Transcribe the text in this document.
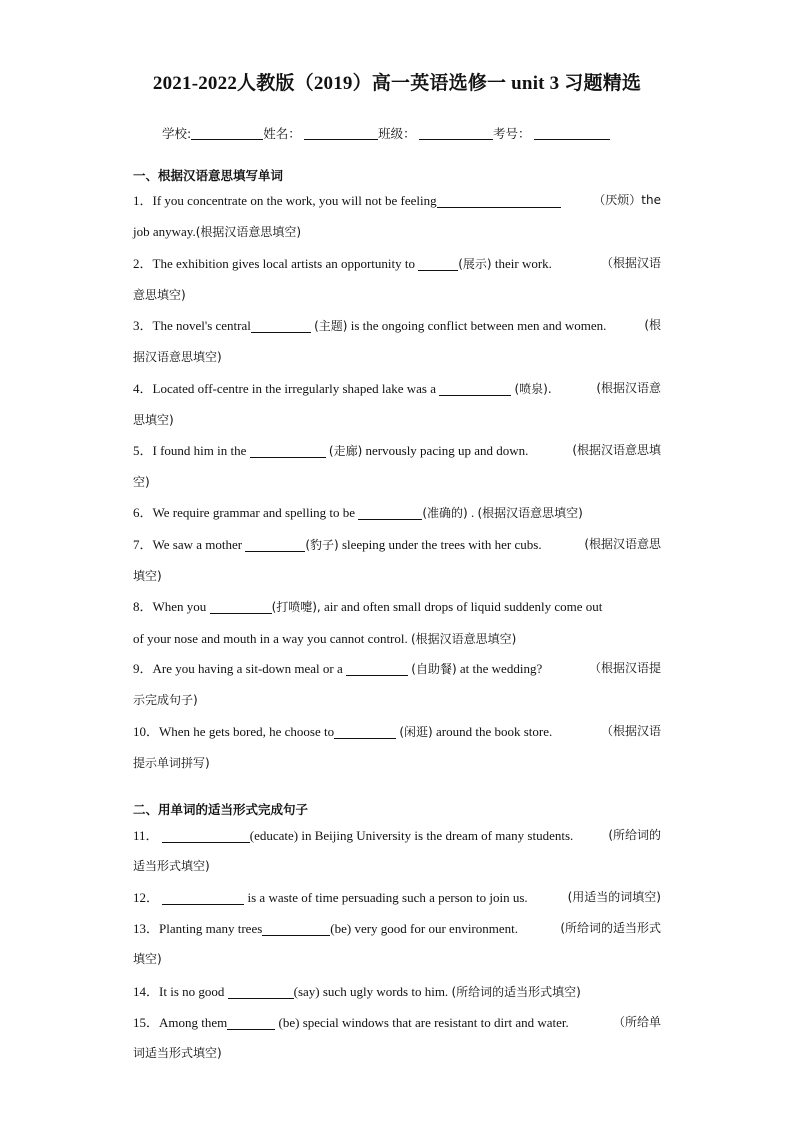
2021-2022人教版（2019）高一英语选修一 unit 3 习题精选
学校:	姓名：	班级：	考号：
一、根据汉语意思填写单词
1．If you concentrate on the work, you will not be feeling	（厌烦）the
job anyway.(根据汉语意思填空)
2．The exhibition gives local artists an opportunity to	(展示) their work.	（根据汉语
意思填空)
3．The novel's central	(主题) is the ongoing conflict between men and women.	(根
据汉语意思填空)
4．Located off-centre in the irregularly shaped lake was a	(喷泉).	(根据汉语意
思填空)
5．I found him in the	(走廊) nervously pacing up and down.	(根据汉语意思填
空)
6．We require grammar and spelling to be	(准确的) . (根据汉语意思填空)
7．We saw a mother	(豹子) sleeping under the trees with her cubs.	(根据汉语意思
填空)
8．When you	(打喷嚏), air and often small drops of liquid suddenly come out
of your nose and mouth in a way you cannot control. (根据汉语意思填空)
9．Are you having a sit-down meal or a	(自助餐) at the wedding?	（根据汉语提
示完成句子)
10．When he gets bored, he choose to	(闲逛) around the book store.	（根据汉语
提示单词拼写)
二、用单词的适当形式完成句子
11．	(educate) in Beijing University is the dream of many students.	(所给词的
适当形式填空)
12．	is a waste of time persuading such a person to join us.	(用适当的词填空)
13．Planting many trees	(be) very good for our environment.	(所给词的适当形式
填空)
14．It is no good	(say) such ugly words to him. (所给词的适当形式填空)
15．Among them	(be) special windows that are resistant to dirt and water.	（所给单
词适当形式填空)
